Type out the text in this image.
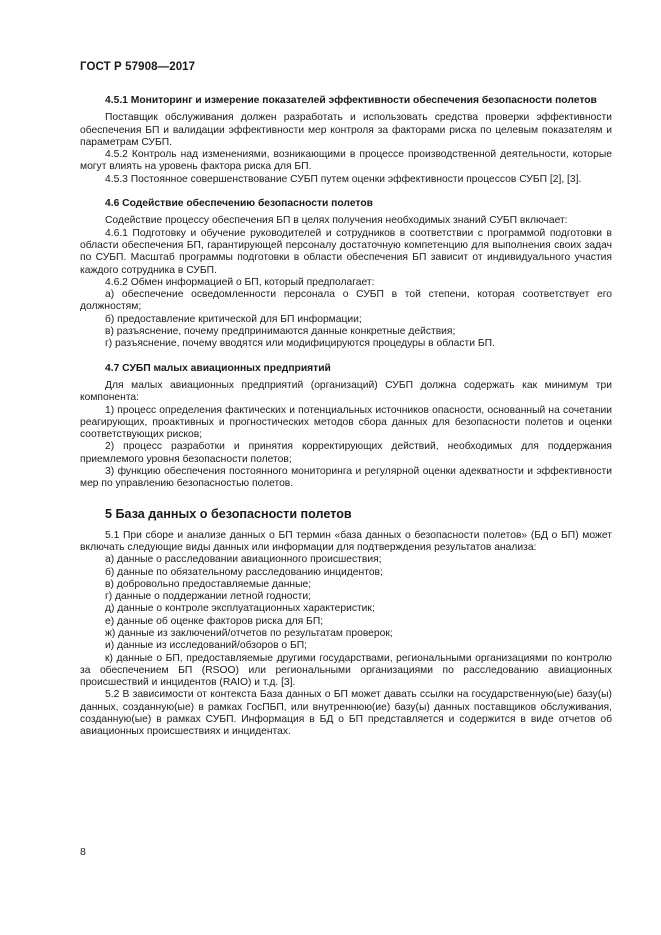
ГОСТ Р 57908—2017
4.5.1 Мониторинг и измерение показателей эффективности обеспечения безопасности полетов

Поставщик обслуживания должен разработать и использовать средства проверки эффективности обеспечения БП и валидации эффективности мер контроля за факторами риска по целевым показателям и параметрам СУБП.

4.5.2 Контроль над изменениями, возникающими в процессе производственной деятельности, которые могут влиять на уровень фактора риска для БП.

4.5.3 Постоянное совершенствование СУБП путем оценки эффективности процессов СУБП [2], [3].

4.6 Содействие обеспечению безопасности полетов

Содействие процессу обеспечения БП в целях получения необходимых знаний СУБП включает:

4.6.1 Подготовку и обучение руководителей и сотрудников в соответствии с программой подготовки в области обеспечения БП, гарантирующей персоналу достаточную компетенцию для выполнения своих задач по СУБП. Масштаб программы подготовки в области обеспечения БП зависит от индивидуального участия каждого сотрудника в СУБП.

4.6.2 Обмен информацией о БП, который предполагает:

а) обеспечение осведомленности персонала о СУБП в той степени, которая соответствует его должностям;

б) предоставление критической для БП информации;

в) разъяснение, почему предпринимаются данные конкретные действия;

г) разъяснение, почему вводятся или модифицируются процедуры в области БП.

4.7 СУБП малых авиационных предприятий

Для малых авиационных предприятий (организаций) СУБП должна содержать как минимум три компонента:

1) процесс определения фактических и потенциальных источников опасности, основанный на сочетании реагирующих, проактивных и прогностических методов сбора данных для безопасности полетов и оценки соответствующих рисков;

2) процесс разработки и принятия корректирующих действий, необходимых для поддержания приемлемого уровня безопасности полетов;

3) функцию обеспечения постоянного мониторинга и регулярной оценки адекватности и эффективности мер по управлению безопасностью полетов.

5 База данных о безопасности полетов

5.1 При сборе и анализе данных о БП термин «база данных о безопасности полетов» (БД о БП) может включать следующие виды данных или информации для подтверждения результатов анализа:

а) данные о расследовании авиационного происшествия;

б) данные по обязательному расследованию инцидентов;

в) добровольно предоставляемые данные;

г) данные о поддержании летной годности;

д) данные о контроле эксплуатационных характеристик;

е) данные об оценке факторов риска для БП;

ж) данные из заключений/отчетов по результатам проверок;

и) данные из исследований/обзоров о БП;

к) данные о БП, предоставляемые другими государствами, региональными организациями по контролю за обеспечением БП (RSOO) или региональными организациями по расследованию авиационных происшествий и инцидентов (RAIO) и т.д. [3].

5.2 В зависимости от контекста База данных о БП может давать ссылки на государственную(ые) базу(ы) данных, созданную(ые) в рамках ГосПБП, или внутреннюю(ие) базу(ы) данных поставщиков обслуживания, созданную(ые) в рамках СУБП. Информация в БД о БП представляется и содержится в виде отчетов об авиационных происшествиях и инцидентах.

8
